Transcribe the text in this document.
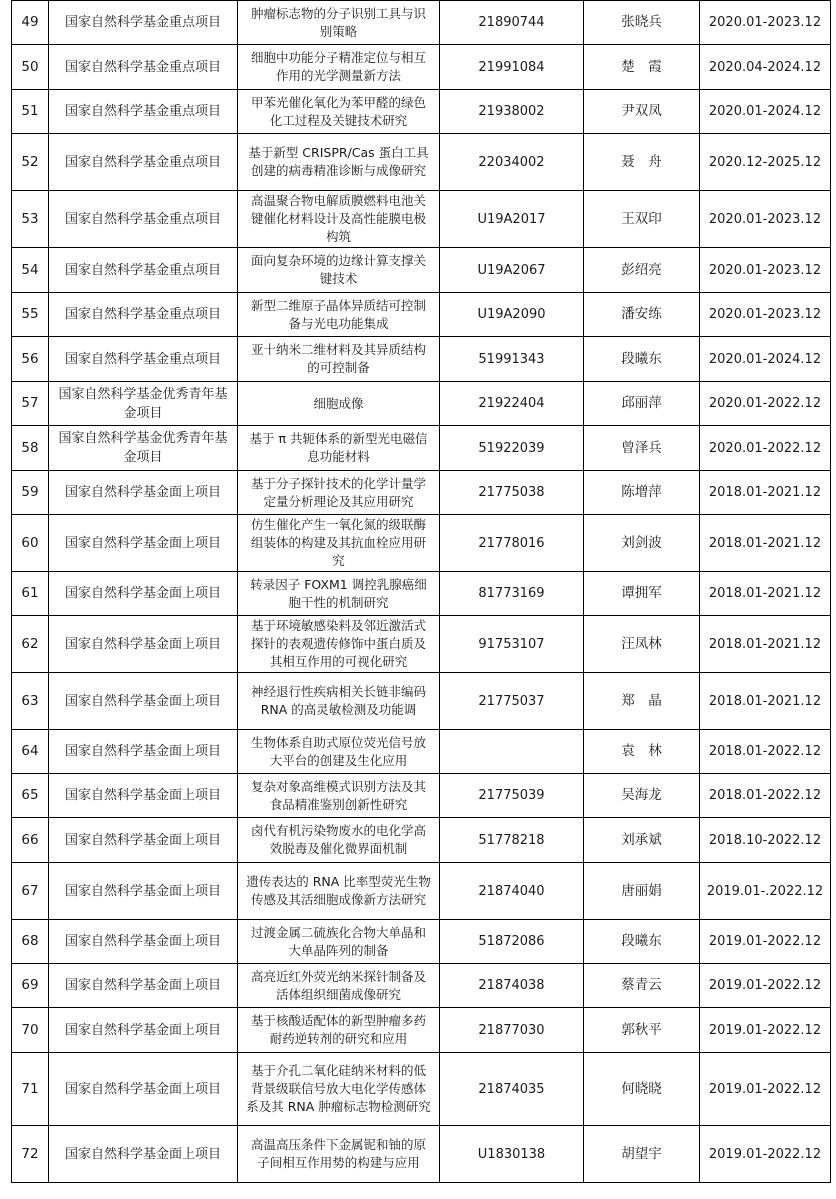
49	国家自然科学基金重点项目	肿瘤标志物的分子识别工具与识别策略	21890744	张晓兵	2020.01-2023.12
50	国家自然科学基金重点项目	细胞中功能分子精准定位与相互作用的光学测量新方法	21991084	楚　霞	2020.04-2024.12
51	国家自然科学基金重点项目	甲苯光催化氧化为苯甲醛的绿色化工过程及关键技术研究	21938002	尹双凤	2020.01-2024.12
52	国家自然科学基金重点项目	基于新型 CRISPR/Cas 蛋白工具创建的病毒精准诊断与成像研究	22034002	聂　舟	2020.12-2025.12
53	国家自然科学基金重点项目	高温聚合物电解质膜燃料电池关键催化材料设计及高性能膜电极构筑	U19A2017	王双印	2020.01-2023.12
54	国家自然科学基金重点项目	面向复杂环境的边缘计算支撑关键技术	U19A2067	彭绍亮	2020.01-2023.12
55	国家自然科学基金重点项目	新型二维原子晶体异质结可控制备与光电功能集成	U19A2090	潘安练	2020.01-2023.12
56	国家自然科学基金重点项目	亚十纳米二维材料及其异质结构的可控制备	51991343	段曦东	2020.01-2024.12
57	国家自然科学基金优秀青年基金项目	细胞成像	21922404	邱丽萍	2020.01-2022.12
58	国家自然科学基金优秀青年基金项目	基于 π 共轭体系的新型光电磁信息功能材料	51922039	曾泽兵	2020.01-2022.12
59	国家自然科学基金面上项目	基于分子探针技术的化学计量学定量分析理论及其应用研究	21775038	陈增萍	2018.01-2021.12
60	国家自然科学基金面上项目	仿生催化产生一氧化氮的级联酶组装体的构建及其抗血栓应用研究	21778016	刘剑波	2018.01-2021.12
61	国家自然科学基金面上项目	转录因子 FOXM1 调控乳腺癌细胞干性的机制研究	81773169	谭拥军	2018.01-2021.12
62	国家自然科学基金面上项目	基于环境敏感染料及邻近激活式探针的表观遗传修饰中蛋白质及其相互作用的可视化研究	91753107	汪凤林	2018.01-2021.12
63	国家自然科学基金面上项目	神经退行性疾病相关长链非编码 RNA 的高灵敏检测及功能调	21775037	郑　晶	2018.01-2021.12
64	国家自然科学基金面上项目	生物体系自助式原位荧光信号放大平台的创建及生化应用		袁　林	2018.01-2022.12
65	国家自然科学基金面上项目	复杂对象高维模式识别方法及其食品精准鉴别创新性研究	21775039	吴海龙	2018.01-2022.12
66	国家自然科学基金面上项目	卤代有机污染物废水的电化学高效脱毒及催化微界面机制	51778218	刘承斌	2018.10-2022.12
67	国家自然科学基金面上项目	遗传表达的 RNA 比率型荧光生物传感及其活细胞成像新方法研究	21874040	唐丽娟	2019.01-.2022.12
68	国家自然科学基金面上项目	过渡金属二硫族化合物大单晶和大单晶阵列的制备	51872086	段曦东	2019.01-2022.12
69	国家自然科学基金面上项目	高亮近红外荧光纳米探针制备及活体组织细菌成像研究	21874038	蔡青云	2019.01-2022.12
70	国家自然科学基金面上项目	基于核酸适配体的新型肿瘤多药耐药逆转剂的研究和应用	21877030	郭秋平	2019.01-2022.12
71	国家自然科学基金面上项目	基于介孔二氧化硅纳米材料的低背景级联信号放大电化学传感体系及其 RNA 肿瘤标志物检测研究	21874035	何晓晓	2019.01-2022.12
72	国家自然科学基金面上项目	高温高压条件下金属铌和铀的原子间相互作用势的构建与应用	U1830138	胡望宇	2019.01-2022.12
